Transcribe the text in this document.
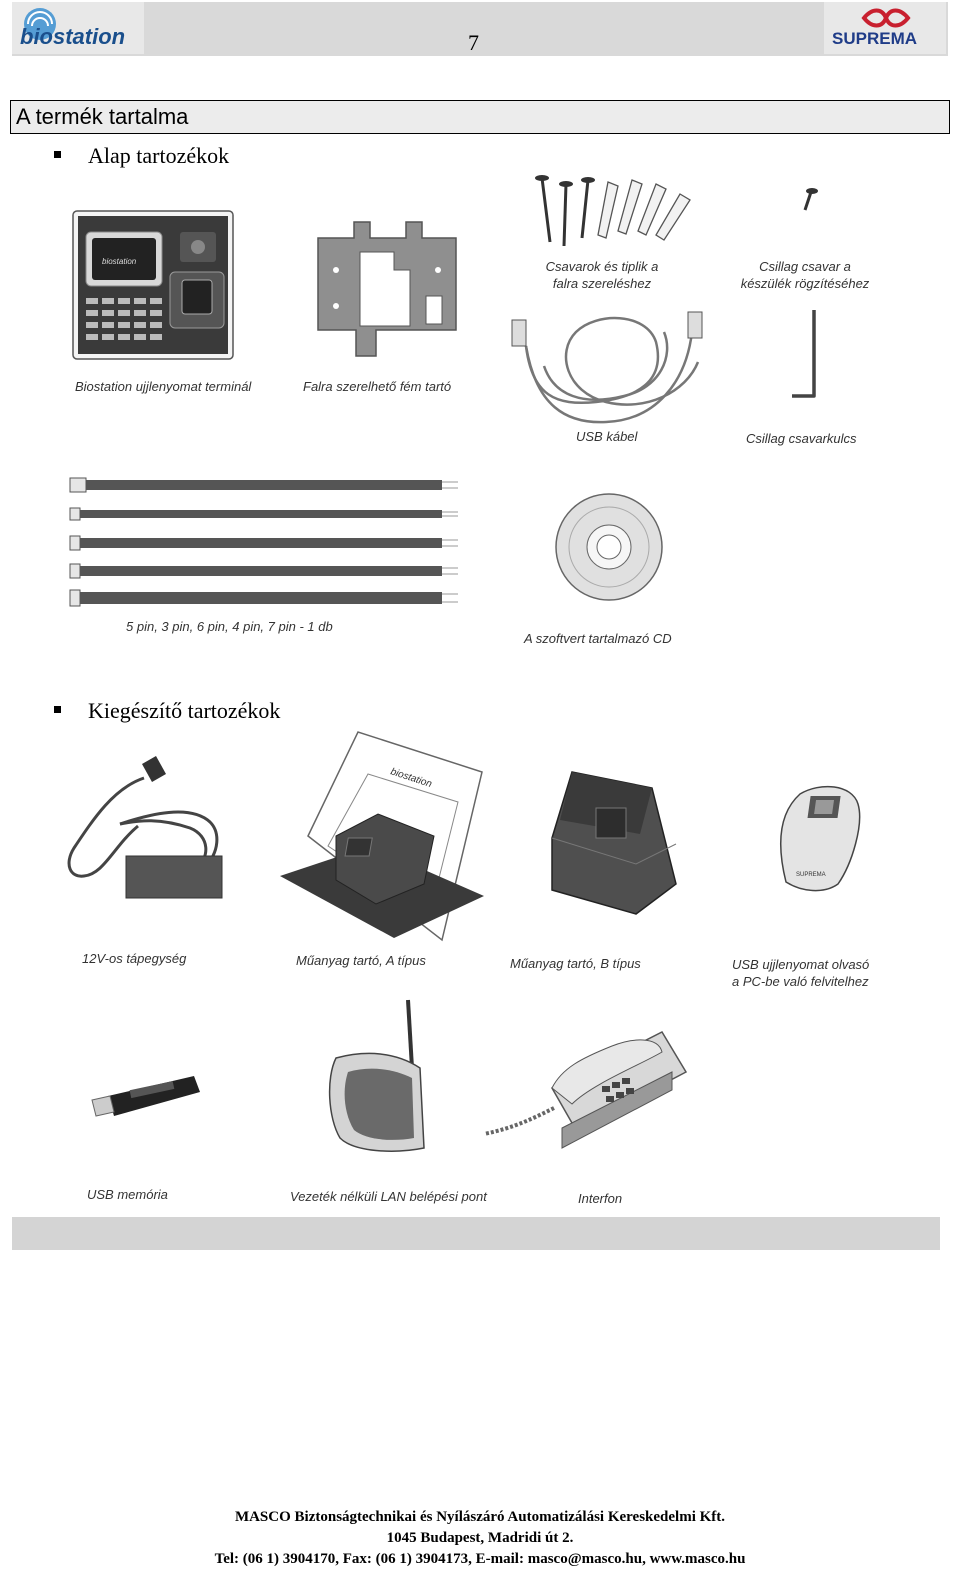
biostation	7	SUPREMA
A termék tartalma
Alap tartozékok
biostation
Biostation ujjlenyomat terminál	Falra szerelhető fém tartó
Csavarok és tiplik a
falra szereléshez
Csillag csavar a
készülék rögzítéséhez
USB kábel	Csillag csavarkulcs
5 pin, 3 pin, 6 pin, 4 pin, 7 pin - 1 db
A szoftvert tartalmazó CD
Kiegészítő tartozékok
12V-os tápegység
biostation
Műanyag tartó, A típus	Műanyag tartó, B típus
SUPREMA
USB ujjlenyomat olvasó
a PC-be való felvitelhez
USB memória	Vezeték nélküli LAN belépési pont	Interfon
MASCO Biztonságtechnikai és Nyílászáró Automatizálási Kereskedelmi Kft.
1045 Budapest, Madridi út 2.
Tel: (06 1) 3904170, Fax: (06 1) 3904173, E-mail: masco@masco.hu, www.masco.hu
